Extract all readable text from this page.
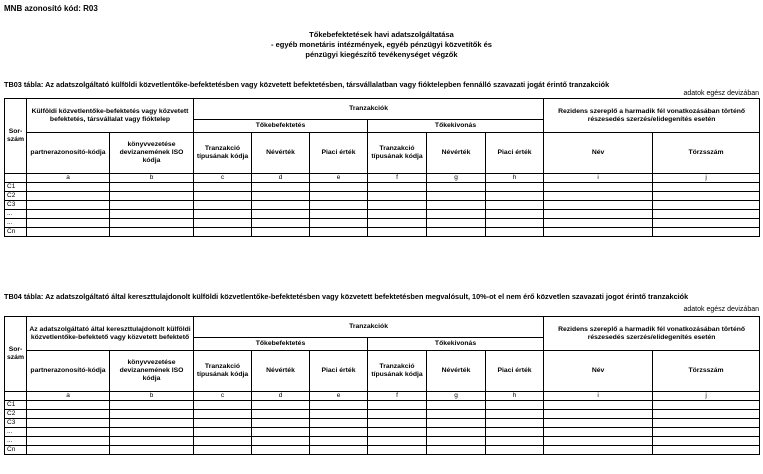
MNB azonosító kód: R03
Tőkebefektetések havi adatszolgáltatása
- egyéb monetáris intézmények, egyéb pénzügyi közvetítők és
pénzügyi kiegészítő tevékenységet végzők
TB03 tábla: Az adatszolgáltató külföldi közvetlentőke-befektetésben vagy közvetett befektetésben, társvállalatban vagy fióktelepben fennálló szavazati jogát érintő tranzakciók
adatok egész devizában
Sor-szám	Külföldi közvetlentőke-befektetés vagy közvetett befektetés, társvállalat vagy fióktelep		Tranzakciók						Rezidens szereplő a harmadik fél vonatkozásában történő részesedés szerzés/elidegenítés esetén	
			Tőkebefektetés			Tőkekivonás				
	partnerazonosító-kódja	könyvvezetése devizanemének ISO kódja	Tranzakció típusának kódja	Névérték	Piaci érték	Tranzakció típusának kódja	Névérték	Piaci érték	Név	Törzsszám
	a	b	c	d	e	f	g	h	i	j
C1										
C2										
C3										
...										
...										
Cn										
TB04 tábla: Az adatszolgáltató által kereszttulajdonolt külföldi közvetlentőke-befektetésben vagy közvetett befektetésben megvalósult, 10%-ot el nem érő közvetlen szavazati jogot érintő tranzakciók
adatok egész devizában
Sor-szám	Az adatszolgáltató által kereszttulajdonolt külföldi közvetlentőke-befektető vagy közvetett befektető		Tranzakciók						Rezidens szereplő a harmadik fél vonatkozásában történő részesedés szerzés/elidegenítés esetén	
			Tőkebefektetés			Tőkekivonás				
	partnerazonosító-kódja	könyvvezetése devizanemének ISO kódja	Tranzakció típusának kódja	Névérték	Piaci érték	Tranzakció típusának kódja	Névérték	Piaci érték	Név	Törzsszám
	a	b	c	d	e	f	g	h	i	j
C1										
C2										
C3										
...										
...										
Cn										
